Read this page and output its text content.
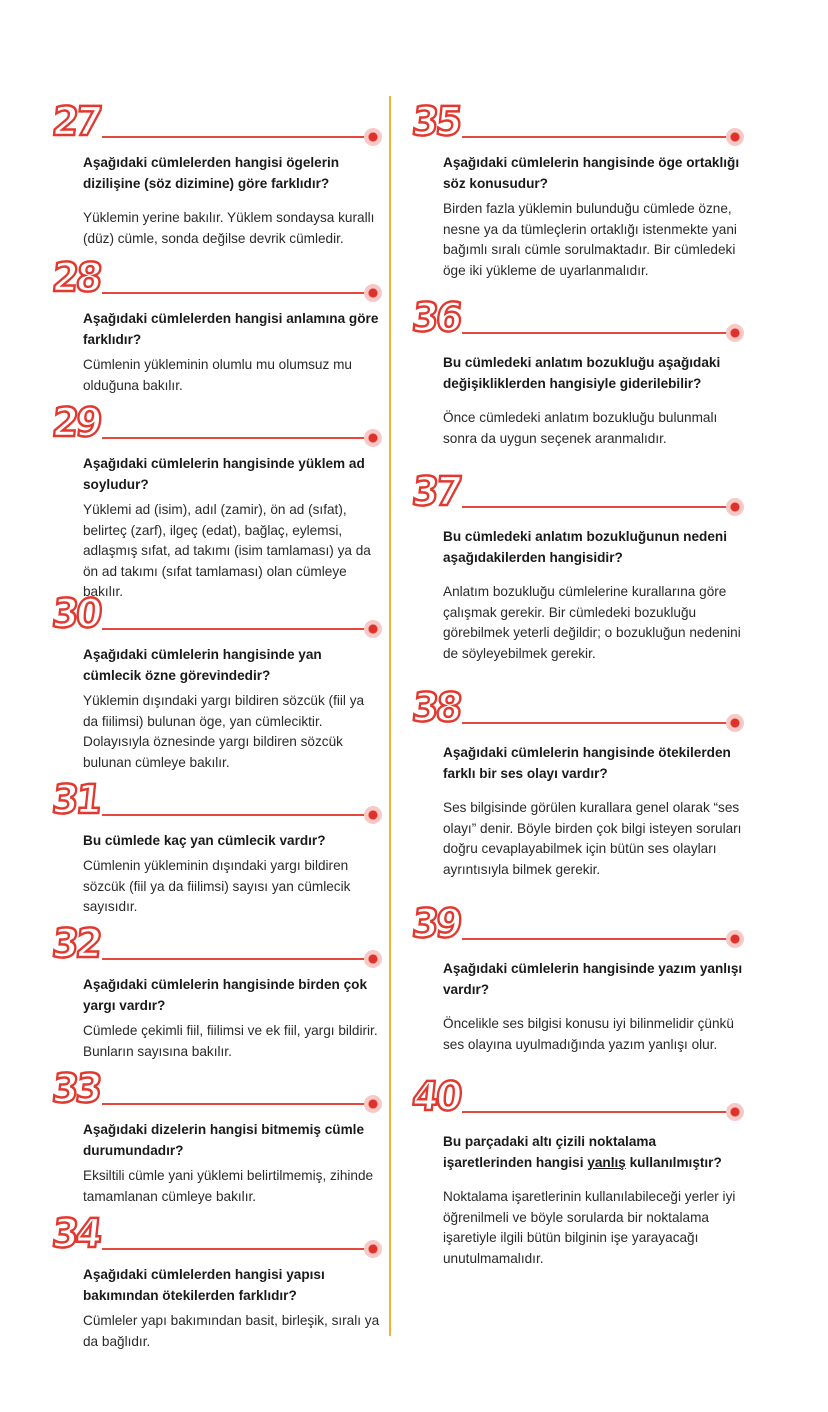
27
Aşağıdaki cümlelerden hangisi ögelerin dizilişine (söz dizimine) göre farklıdır?
Yüklemin yerine bakılır. Yüklem sondaysa kurallı (düz) cümle, sonda değilse devrik cümledir.
28
Aşağıdaki cümlelerden hangisi anlamına göre farklıdır?
Cümlenin yükleminin olumlu mu olumsuz mu olduğuna bakılır.
29
Aşağıdaki cümlelerin hangisinde yüklem ad soyludur?
Yüklemi ad (isim), adıl (zamir), ön ad (sıfat), belirteç (zarf), ilgeç (edat), bağlaç, eylemsi, adlaşmış sıfat, ad takımı (isim tamlaması) ya da ön ad takımı (sıfat tamlaması) olan cümleye bakılır.
30
Aşağıdaki cümlelerin hangisinde yan cümlecik özne görevindedir?
Yüklemin dışındaki yargı bildiren sözcük (fiil ya da fiilimsi) bulunan öge, yan cümleciktir. Dolayısıyla öznesinde yargı bildiren sözcük bulunan cümleye bakılır.
31
Bu cümlede kaç yan cümlecik vardır?
Cümlenin yükleminin dışındaki yargı bildiren sözcük (fiil ya da fiilimsi) sayısı yan cümlecik sayısıdır.
32
Aşağıdaki cümlelerin hangisinde birden çok yargı vardır?
Cümlede çekimli fiil, fiilimsi ve ek fiil, yargı bildirir. Bunların sayısına bakılır.
33
Aşağıdaki dizelerin hangisi bitmemiş cümle durumundadır?
Eksiltili cümle yani yüklemi belirtilmemiş, zihinde tamamlanan cümleye bakılır.
34
Aşağıdaki cümlelerden hangisi yapısı bakımından ötekilerden farklıdır?
Cümleler yapı bakımından basit, birleşik, sıralı ya da bağlıdır.
35
Aşağıdaki cümlelerin hangisinde öge ortaklığı söz konusudur?
Birden fazla yüklemin bulunduğu cümlede özne, nesne ya da tümleçlerin ortaklığı istenmekte yani bağımlı sıralı cümle sorulmaktadır. Bir cümledeki öge iki yükleme de uyarlanmalıdır.
36
Bu cümledeki anlatım bozukluğu aşağıdaki değişikliklerden hangisiyle giderilebilir?
Önce cümledeki anlatım bozukluğu bulunmalı sonra da uygun seçenek aranmalıdır.
37
Bu cümledeki anlatım bozukluğunun nedeni aşağıdakilerden hangisidir?
Anlatım bozukluğu cümlelerine kurallarına göre çalışmak gerekir. Bir cümledeki bozukluğu görebilmek yeterli değildir; o bozukluğun nedenini de söyleyebilmek gerekir.
38
Aşağıdaki cümlelerin hangisinde ötekilerden farklı bir ses olayı vardır?
Ses bilgisinde görülen kurallara genel olarak “ses olayı” denir. Böyle birden çok bilgi isteyen soruları doğru cevaplayabilmek için bütün ses olayları ayrıntısıyla bilmek gerekir.
39
Aşağıdaki cümlelerin hangisinde yazım yanlışı vardır?
Öncelikle ses bilgisi konusu iyi bilinmelidir çünkü ses olayına uyulmadığında yazım yanlışı olur.
40
Bu parçadaki altı çizili noktalama işaretlerinden hangisi yanlış kullanılmıştır?
Noktalama işaretlerinin kullanılabileceği yerler iyi öğrenilmeli ve böyle sorularda bir noktalama işaretiyle ilgili bütün bilginin işe yarayacağı unutulmamalıdır.
